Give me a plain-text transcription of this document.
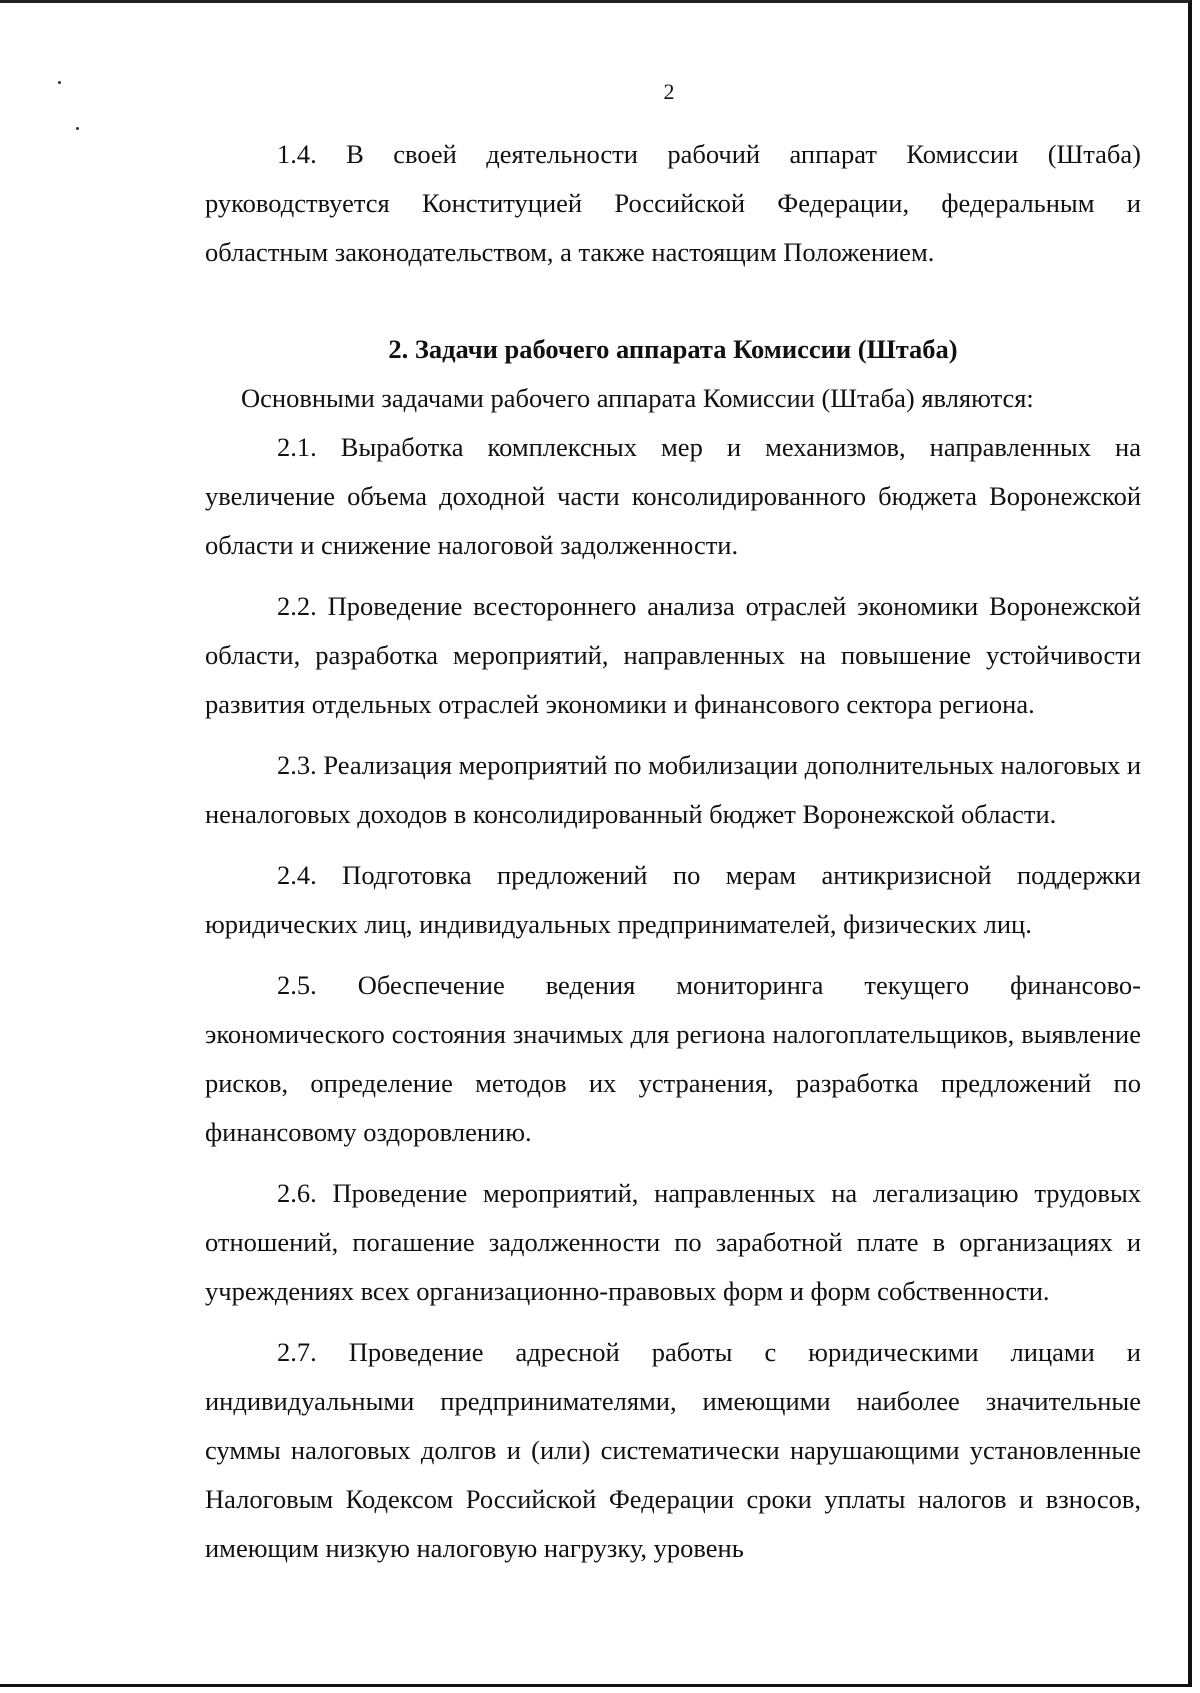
2

1.4. В своей деятельности рабочий аппарат Комиссии (Штаба) руководствуется Конституцией Российской Федерации, федеральным и областным законодательством, а также настоящим Положением.

2. Задачи рабочего аппарата Комиссии (Штаба)

Основными задачами рабочего аппарата Комиссии (Штаба) являются:

2.1. Выработка комплексных мер и механизмов, направленных на увеличение объема доходной части консолидированного бюджета Воронежской области и снижение налоговой задолженности.

2.2. Проведение всестороннего анализа отраслей экономики Воронежской области, разработка мероприятий, направленных на повышение устойчивости развития отдельных отраслей экономики и финансового сектора региона.

2.3. Реализация мероприятий по мобилизации дополнительных налоговых и неналоговых доходов в консолидированный бюджет Воронежской области.

2.4. Подготовка предложений по мерам антикризисной поддержки юридических лиц, индивидуальных предпринимателей, физических лиц.

2.5. Обеспечение ведения мониторинга текущего финансово-экономического состояния значимых для региона налогоплательщиков, выявление рисков, определение методов их устранения, разработка предложений по финансовому оздоровлению.

2.6. Проведение мероприятий, направленных на легализацию трудовых отношений, погашение задолженности по заработной плате в организациях и учреждениях всех организационно-правовых форм и форм собственности.

2.7. Проведение адресной работы с юридическими лицами и индивидуальными предпринимателями, имеющими наиболее значительные суммы налоговых долгов и (или) систематически нарушающими установленные Налоговым Кодексом Российской Федерации сроки уплаты налогов и взносов, имеющим низкую налоговую нагрузку, уровень
